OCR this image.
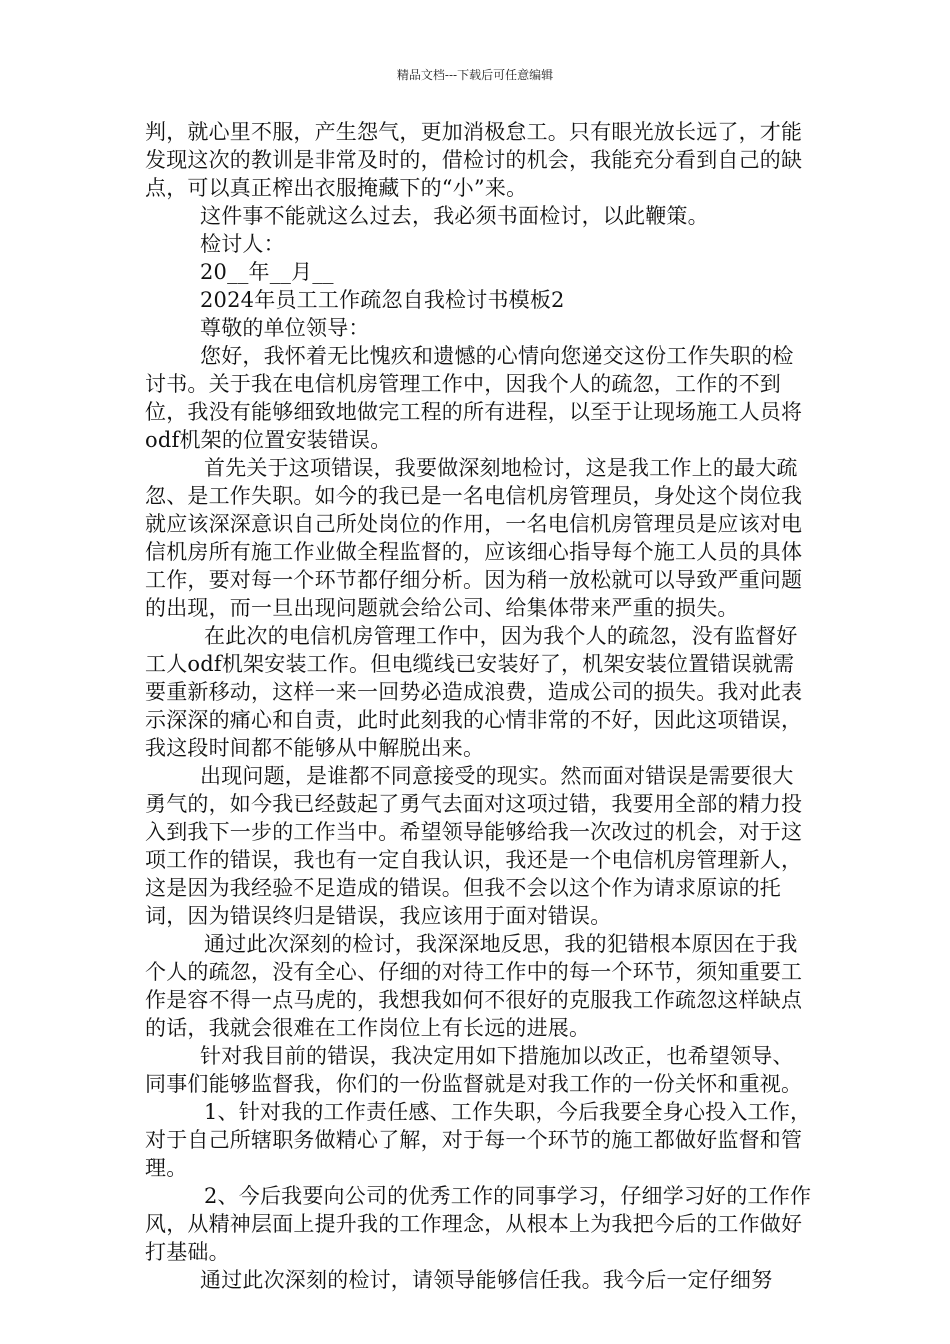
精品文档---下载后可任意编辑

判，就心里不服，产生怨气，更加消极怠工。只有眼光放长远了，才能发现这次的教训是非常及时的，借检讨的机会，我能充分看到自己的缺点，可以真正榨出衣服掩藏下的“小”来。

这件事不能就这么过去，我必须书面检讨，以此鞭策。

检讨人：

20__年__月__

2024年员工工作疏忽自我检讨书模板2

尊敬的单位领导：

您好，我怀着无比愧疚和遗憾的心情向您递交这份工作失职的检讨书。关于我在电信机房管理工作中，因我个人的疏忽，工作的不到位，我没有能够细致地做完工程的所有进程，以至于让现场施工人员将odf机架的位置安装错误。

首先关于这项错误，我要做深刻地检讨，这是我工作上的最大疏忽、是工作失职。如今的我已是一名电信机房管理员，身处这个岗位我就应该深深意识自己所处岗位的作用，一名电信机房管理员是应该对电信机房所有施工作业做全程监督的，应该细心指导每个施工人员的具体工作，要对每一个环节都仔细分析。因为稍一放松就可以导致严重问题的出现，而一旦出现问题就会给公司、给集体带来严重的损失。

在此次的电信机房管理工作中，因为我个人的疏忽，没有监督好工人odf机架安装工作。但电缆线已安装好了，机架安装位置错误就需要重新移动，这样一来一回势必造成浪费，造成公司的损失。我对此表示深深的痛心和自责，此时此刻我的心情非常的不好，因此这项错误，我这段时间都不能够从中解脱出来。

出现问题，是谁都不同意接受的现实。然而面对错误是需要很大勇气的，如今我已经鼓起了勇气去面对这项过错，我要用全部的精力投入到我下一步的工作当中。希望领导能够给我一次改过的机会，对于这项工作的错误，我也有一定自我认识，我还是一个电信机房管理新人，这是因为我经验不足造成的错误。但我不会以这个作为请求原谅的托词，因为错误终归是错误，我应该用于面对错误。

通过此次深刻的检讨，我深深地反思，我的犯错根本原因在于我个人的疏忽，没有全心、仔细的对待工作中的每一个环节，须知重要工作是容不得一点马虎的，我想我如何不很好的克服我工作疏忽这样缺点的话，我就会很难在工作岗位上有长远的进展。

针对我目前的错误，我决定用如下措施加以改正，也希望领导、同事们能够监督我，你们的一份监督就是对我工作的一份关怀和重视。

1、针对我的工作责任感、工作失职，今后我要全身心投入工作，对于自己所辖职务做精心了解，对于每一个环节的施工都做好监督和管理。

2、今后我要向公司的优秀工作的同事学习，仔细学习好的工作作风，从精神层面上提升我的工作理念，从根本上为我把今后的工作做好打基础。

通过此次深刻的检讨，请领导能够信任我。我今后一定仔细努
